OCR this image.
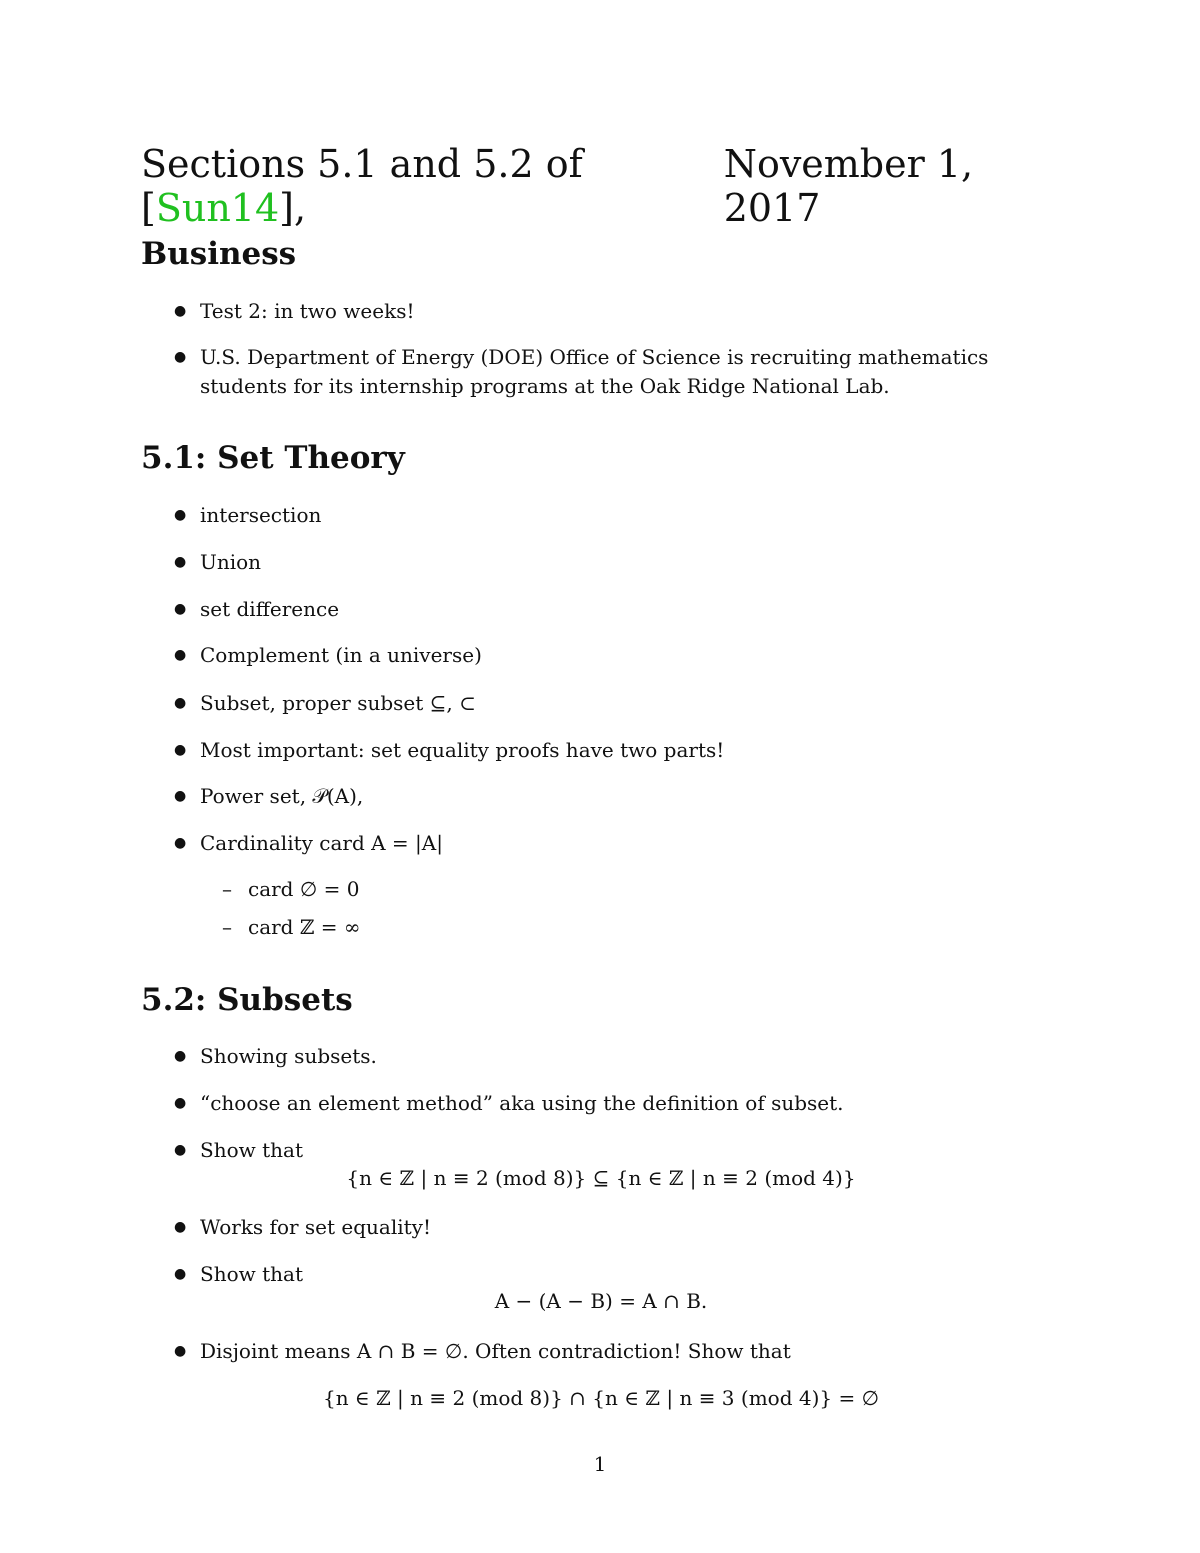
Sections 5.1 and 5.2 of [Sun14],
November 1, 2017
Business
● Test 2: in two weeks!
● U.S. Department of Energy (DOE) Office of Science is recruiting mathematics students for its internship programs at the Oak Ridge National Lab.
5.1: Set Theory
● intersection
● Union
● set difference
● Complement (in a universe)
● Subset, proper subset ⊆, ⊂
● Most important: set equality proofs have two parts!
● Power set, 𝒫(A),
● Cardinality card A = |A|
– card ∅ = 0
– card ℤ = ∞
5.2: Subsets
● Showing subsets.
● “choose an element method” aka using the definition of subset.
● Show that
{n ∈ ℤ | n ≡ 2 (mod 8)} ⊆ {n ∈ ℤ | n ≡ 2 (mod 4)}
● Works for set equality!
● Show that
A − (A − B) = A ∩ B.
● Disjoint means A ∩ B = ∅. Often contradiction! Show that
{n ∈ ℤ | n ≡ 2 (mod 8)} ∩ {n ∈ ℤ | n ≡ 3 (mod 4)} = ∅
1
